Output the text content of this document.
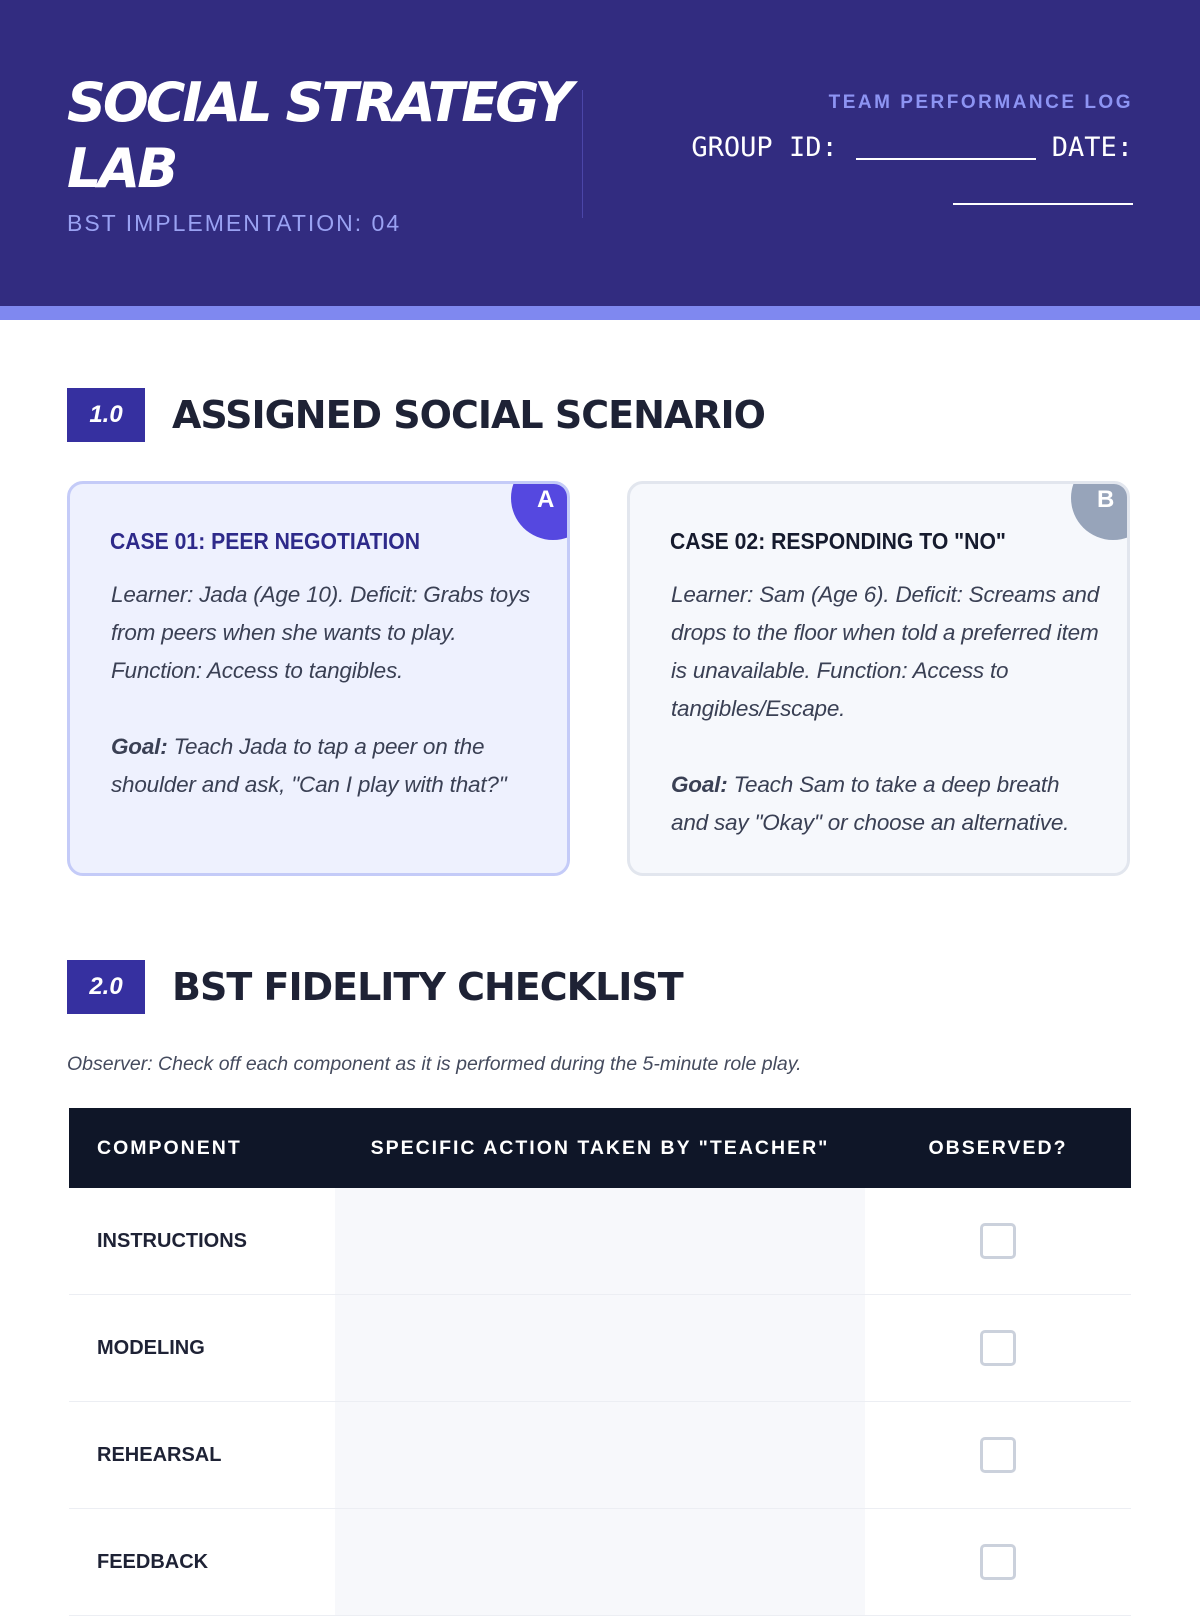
SOCIAL STRATEGY LAB
BST IMPLEMENTATION: 04
TEAM PERFORMANCE LOG
GROUP ID:	DATE:
1.0	ASSIGNED SOCIAL SCENARIO
A
CASE 01: PEER NEGOTIATION

Learner: Jada (Age 10). Deficit: Grabs toys from peers when she wants to play. Function: Access to tangibles.

Goal: Teach Jada to tap a peer on the shoulder and ask, "Can I play with that?"

B
CASE 02: RESPONDING TO "NO"

Learner: Sam (Age 6). Deficit: Screams and drops to the floor when told a preferred item is unavailable. Function: Access to tangibles/Escape.

Goal: Teach Sam to take a deep breath and say "Okay" or choose an alternative.

2.0	BST FIDELITY CHECKLIST
Observer: Check off each component as it is performed during the 5-minute role play.
COMPONENT	SPECIFIC ACTION TAKEN BY "TEACHER"	OBSERVED?
INSTRUCTIONS		
MODELING		
REHEARSAL		
FEEDBACK		
